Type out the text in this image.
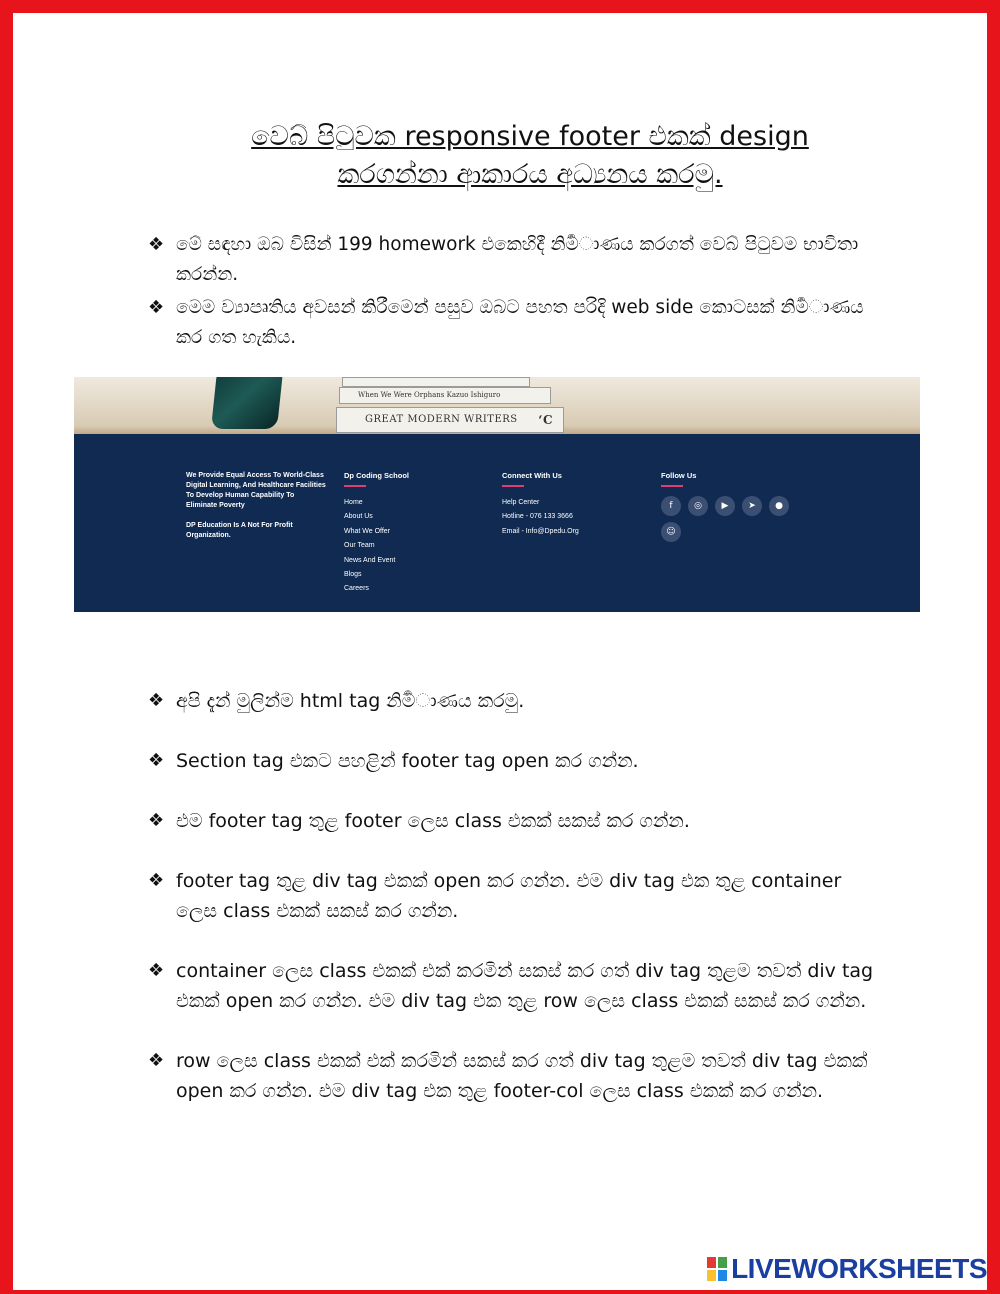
වෙබ් පිටුවක responsive footer එකක් design
කරගන්නා ආකාරය අධ්‍යනය කරමු.
❖ මේ සඳහා ඔබ විසින් 199 homework එකෙහිදී නිමර්‍ාණය කරගත් වෙබ් පිටුවම භාවිතා කරන්න.
❖ මෙම ව්‍යාපෘතිය අවසන් කිරීමෙන් පසුව ඔබට පහත පරිදි web side කොටසක් නිමර්‍ාණය කර ගත හැකිය.
When We Were Orphans Kazuo Ishiguro
GREAT MODERN WRITERS ‘C

We Provide Equal Access To World-Class Digital Learning, And Healthcare Facilities To Develop Human Capability To Eliminate Poverty

DP Education Is A Not For Profit Organization.

Dp Coding School
Home
About Us
What We Offer
Our Team
News And Event
Blogs
Careers
Connect With Us
Help Center
Hotline - 076 133 3666
Email - Info@Dpedu.Org
Follow Us
f	◎	▶	➤	●
☺
❖ අපි දැන් මුලින්ම html tag නිමර්‍ාණය කරමු.
❖ Section tag එකට පහළින් footer tag open කර ගන්න.
❖ එම footer tag තුළ footer ලෙස class එකක් සකස් කර ගන්න.
❖ footer tag තුළ div tag එකක් open කර ගන්න. එම div tag එක තුළ container ලෙස class එකක් සකස් කර ගන්න.
❖ container ලෙස class එකක් එක් කරමින් සකස් කර ගත් div tag තුළම තවත් div tag එකක් open කර ගන්න. එම div tag එක තුළ row ලෙස class එකක් සකස් කර ගන්න.
❖ row ලෙස class එකක් එක් කරමින් සකස් කර ගත් div tag තුළම තවත් div tag එකක් open කර ගන්න. එම div tag එක තුළ footer-col ලෙස class එකක් කර ගන්න.
LIVEWORKSHEETS
